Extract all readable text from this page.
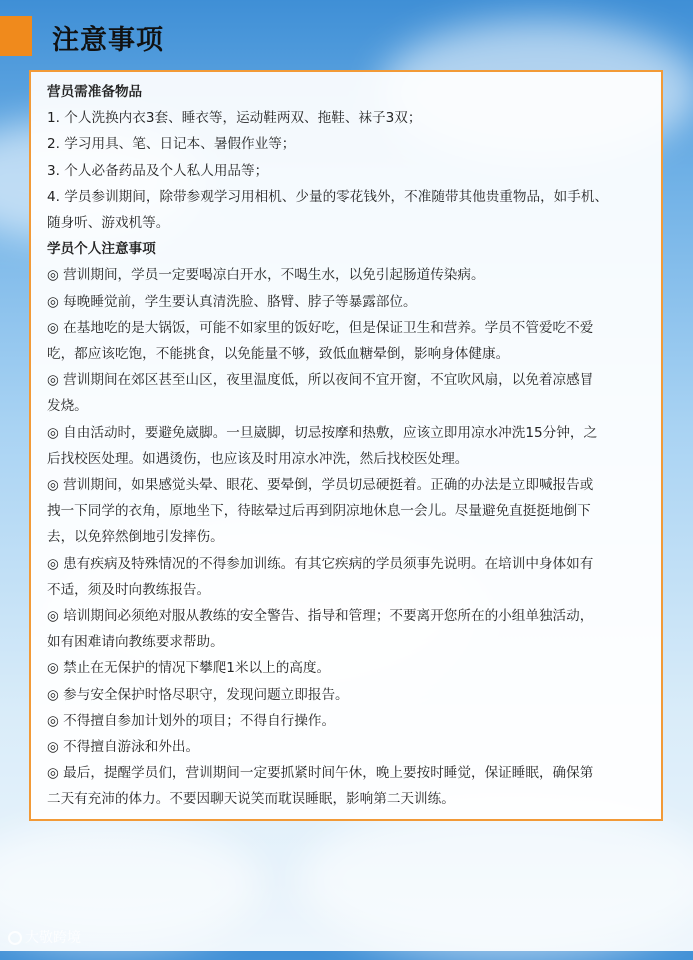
注意事项

营员需准备物品

1. 个人洗换内衣3套、睡衣等，运动鞋两双、拖鞋、袜子3双；

2. 学习用具、笔、日记本、暑假作业等；

3. 个人必备药品及个人私人用品等；

4. 学员参训期间，除带参观学习用相机、少量的零花钱外，不准随带其他贵重物品，如手机、

随身听、游戏机等。

学员个人注意事项

◎ 营训期间，学员一定要喝凉白开水，不喝生水，以免引起肠道传染病。

◎ 每晚睡觉前，学生要认真清洗脸、胳臂、脖子等暴露部位。

◎ 在基地吃的是大锅饭，可能不如家里的饭好吃，但是保证卫生和营养。学员不管爱吃不爱

吃，都应该吃饱，不能挑食，以免能量不够，致低血糖晕倒，影响身体健康。

◎ 营训期间在郊区甚至山区，夜里温度低，所以夜间不宜开窗，不宜吹风扇，以免着凉感冒

发烧。

◎ 自由活动时，要避免崴脚。一旦崴脚，切忌按摩和热敷，应该立即用凉水冲洗15分钟，之

后找校医处理。如遇烫伤，也应该及时用凉水冲洗，然后找校医处理。

◎ 营训期间，如果感觉头晕、眼花、要晕倒，学员切忌硬挺着。正确的办法是立即喊报告或

拽一下同学的衣角，原地坐下，待眩晕过后再到阴凉地休息一会儿。尽量避免直挺挺地倒下

去，以免猝然倒地引发摔伤。

◎ 患有疾病及特殊情况的不得参加训练。有其它疾病的学员须事先说明。在培训中身体如有

不适，须及时向教练报告。

◎ 培训期间必须绝对服从教练的安全警告、指导和管理；不要离开您所在的小组单独活动，

如有困难请向教练要求帮助。

◎ 禁止在无保护的情况下攀爬1米以上的高度。

◎ 参与安全保护时恪尽职守，发现问题立即报告。

◎ 不得擅自参加计划外的项目；不得自行操作。

◎ 不得擅自游泳和外出。

◎ 最后，提醒学员们，营训期间一定要抓紧时间午休，晚上要按时睡觉，保证睡眠，确保第

二天有充沛的体力。不要因聊天说笑而耽误睡眠，影响第二天训练。

大敬跨境
